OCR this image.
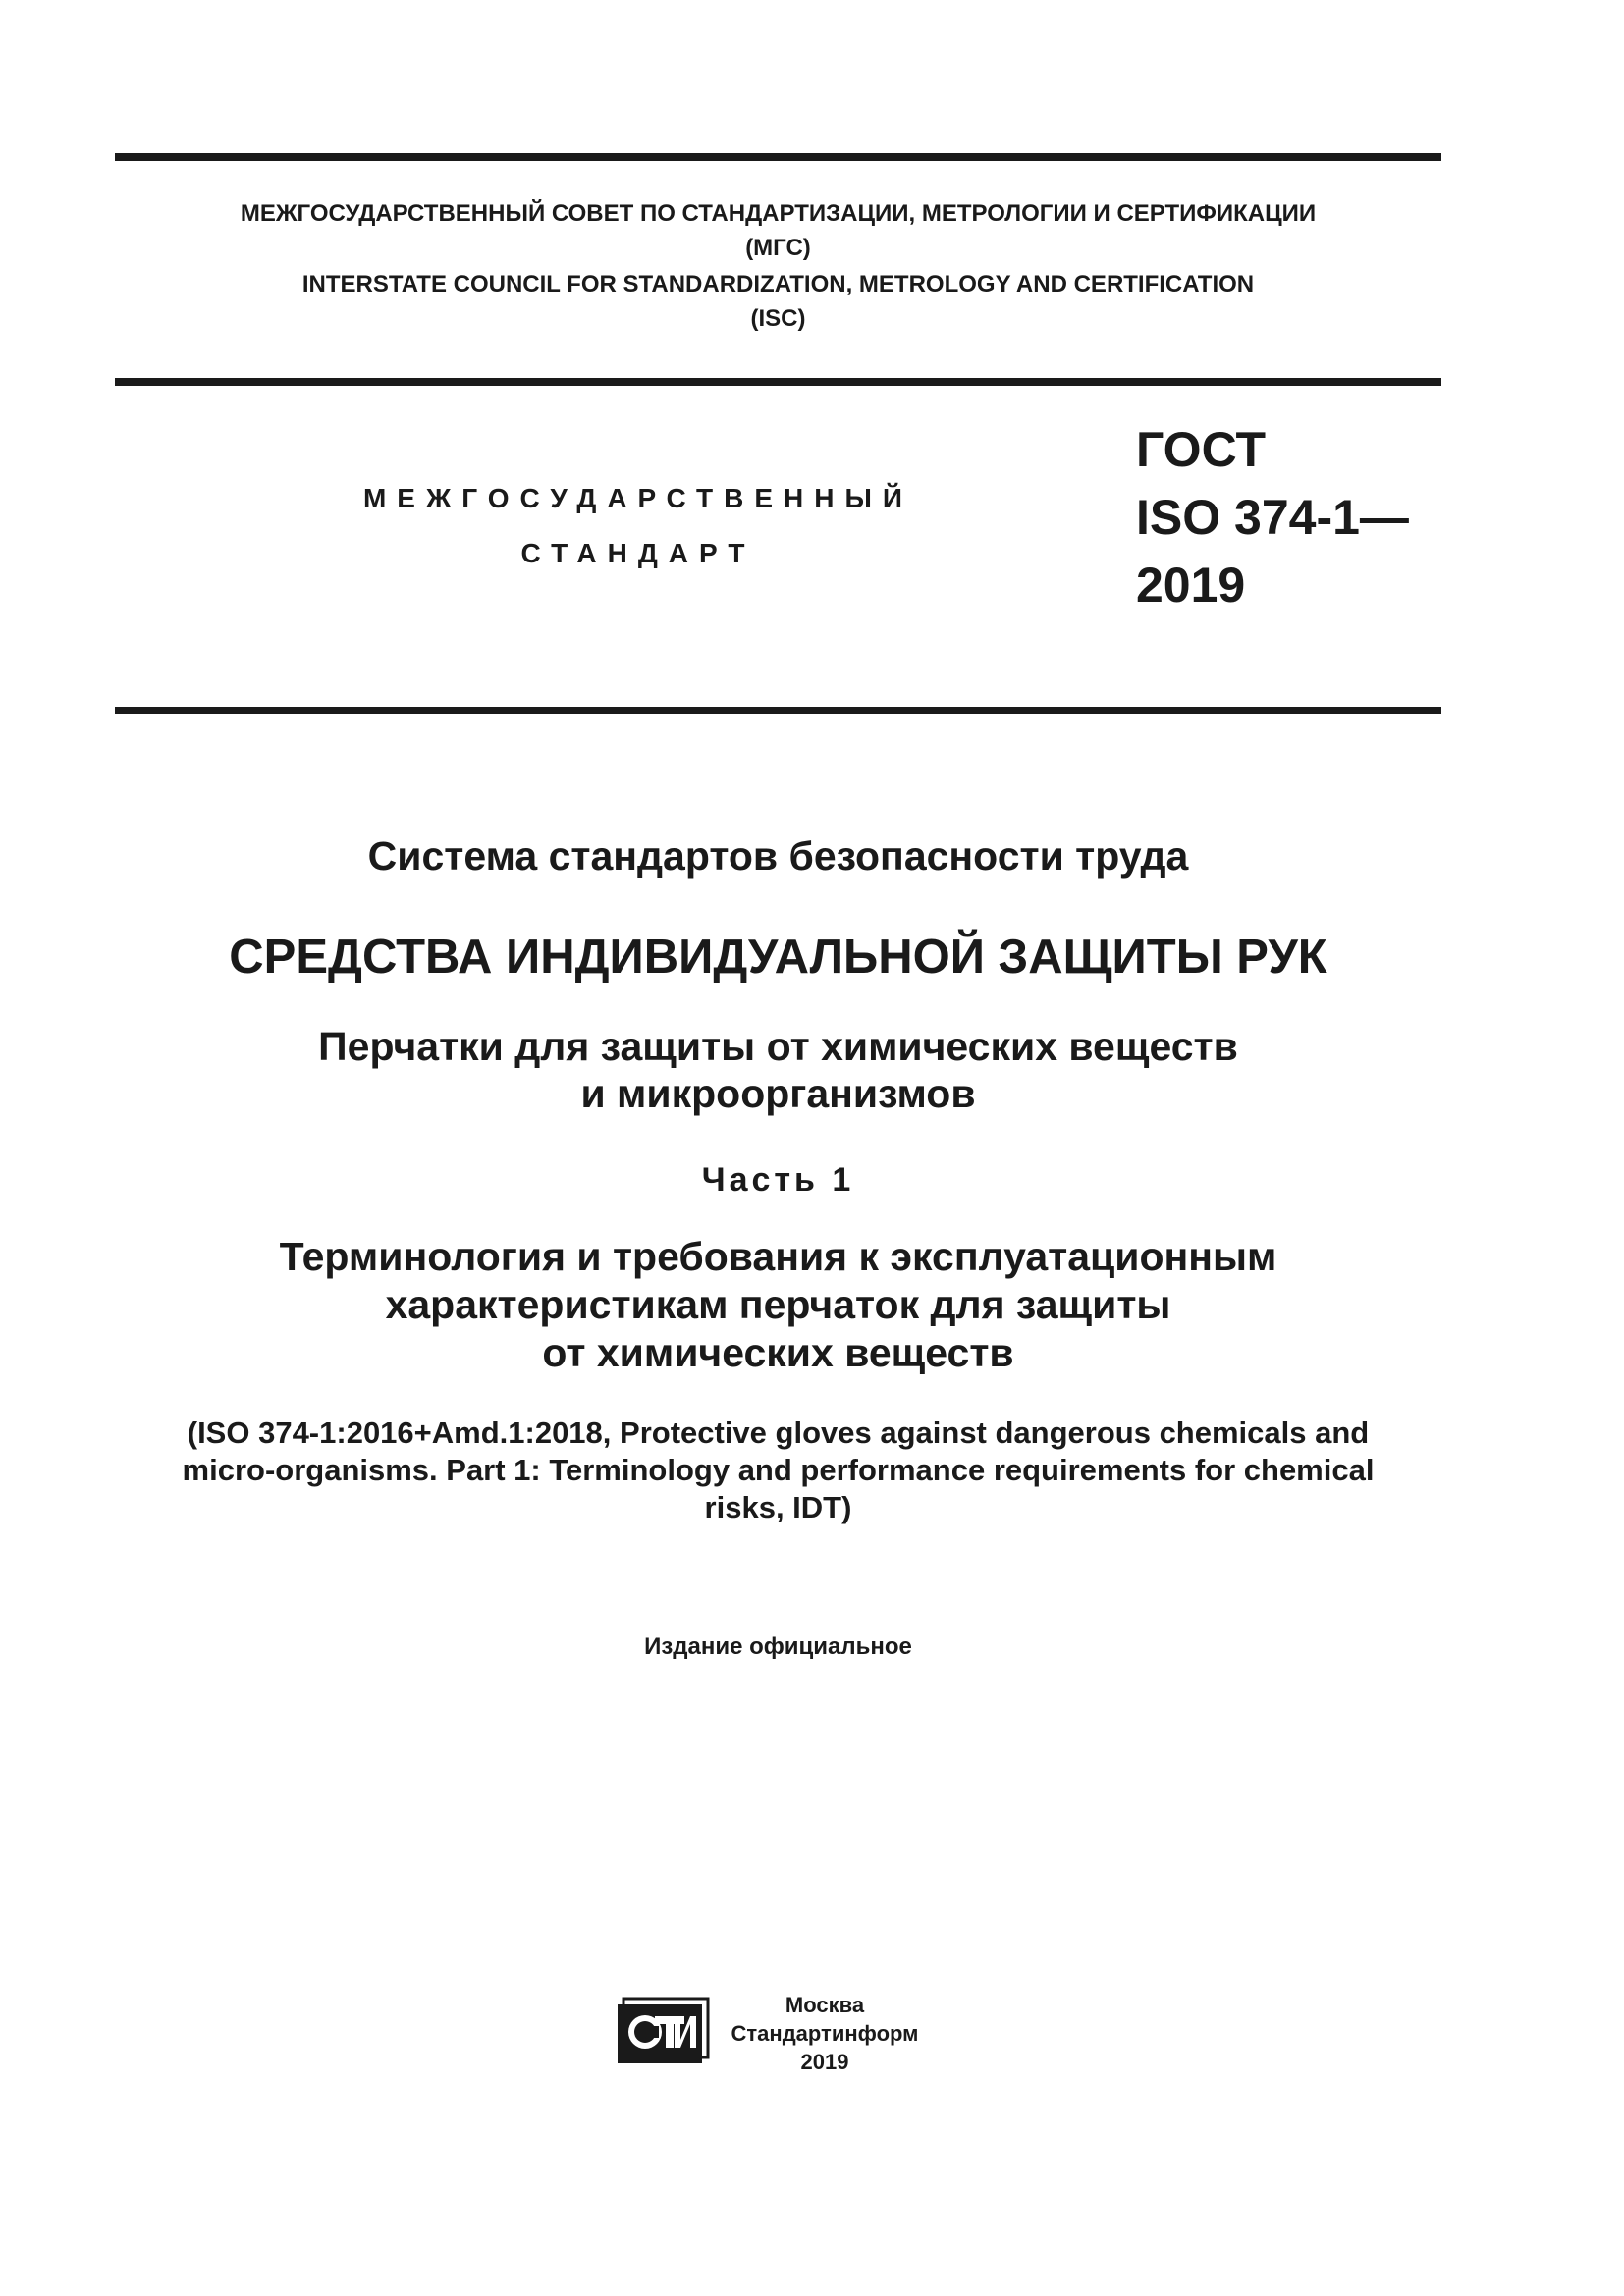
МЕЖГОСУДАРСТВЕННЫЙ СОВЕТ ПО СТАНДАРТИЗАЦИИ, МЕТРОЛОГИИ И СЕРТИФИКАЦИИ
(МГС)
INTERSTATE COUNCIL FOR STANDARDIZATION, METROLOGY AND CERTIFICATION
(ISC)
МЕЖГОСУДАРСТВЕННЫЙ
СТАНДАРТ
ГОСТ
ISO 374-1—
2019
Система стандартов безопасности труда
СРЕДСТВА ИНДИВИДУАЛЬНОЙ ЗАЩИТЫ РУК
Перчатки для защиты от химических веществ
и микроорганизмов
Часть 1
Терминология и требования к эксплуатационным
характеристикам перчаток для защиты
от химических веществ
(ISO 374-1:2016+Amd.1:2018, Protective gloves against dangerous chemicals and
micro-organisms. Part 1: Terminology and performance requirements for chemical
risks, IDT)
Издание официальное
Москва
Стандартинформ
2019
